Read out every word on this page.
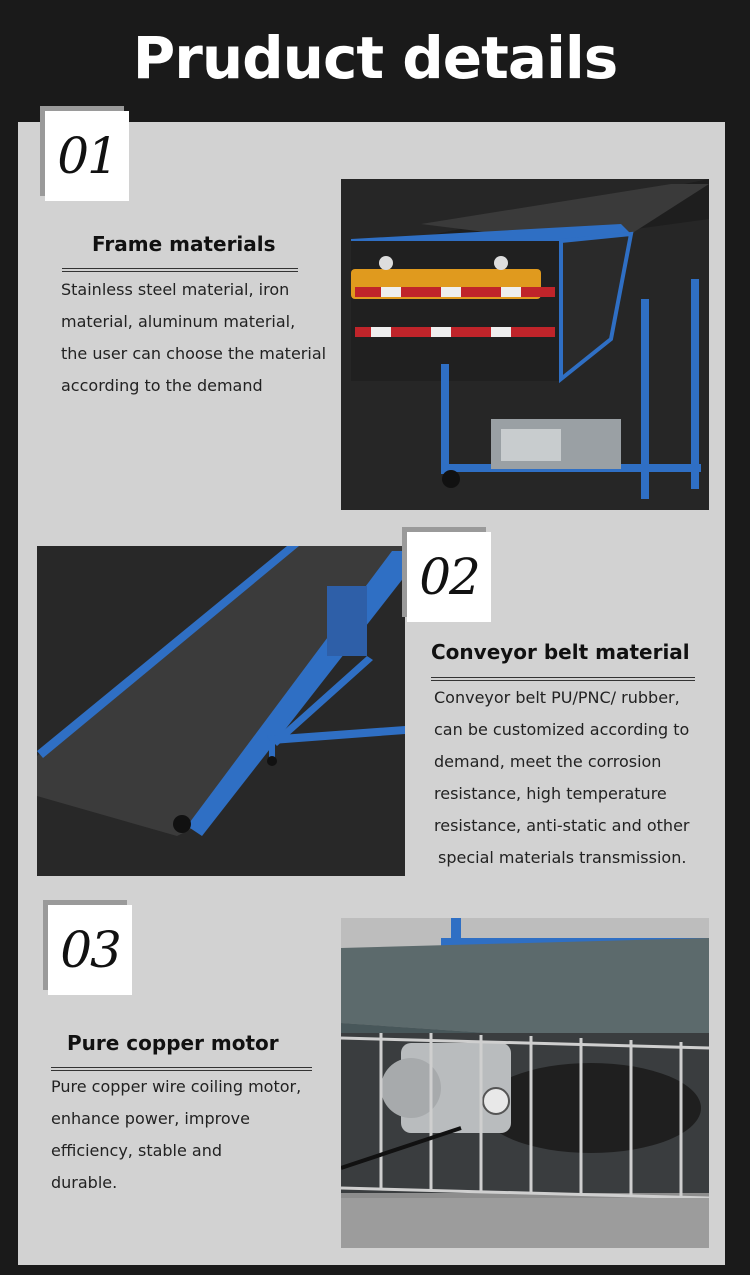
Pruduct details
01
Frame materials
Stainless steel material, iron
material, aluminum material,
the user can choose the material
according to the demand
02
Conveyor belt material
Conveyor belt PU/PNC/ rubber,
can be customized according to
demand, meet the corrosion
resistance, high temperature
resistance, anti-static and other
special materials transmission.
03
Pure copper motor
Pure copper wire coiling motor,
enhance power, improve
efficiency, stable and
durable.
